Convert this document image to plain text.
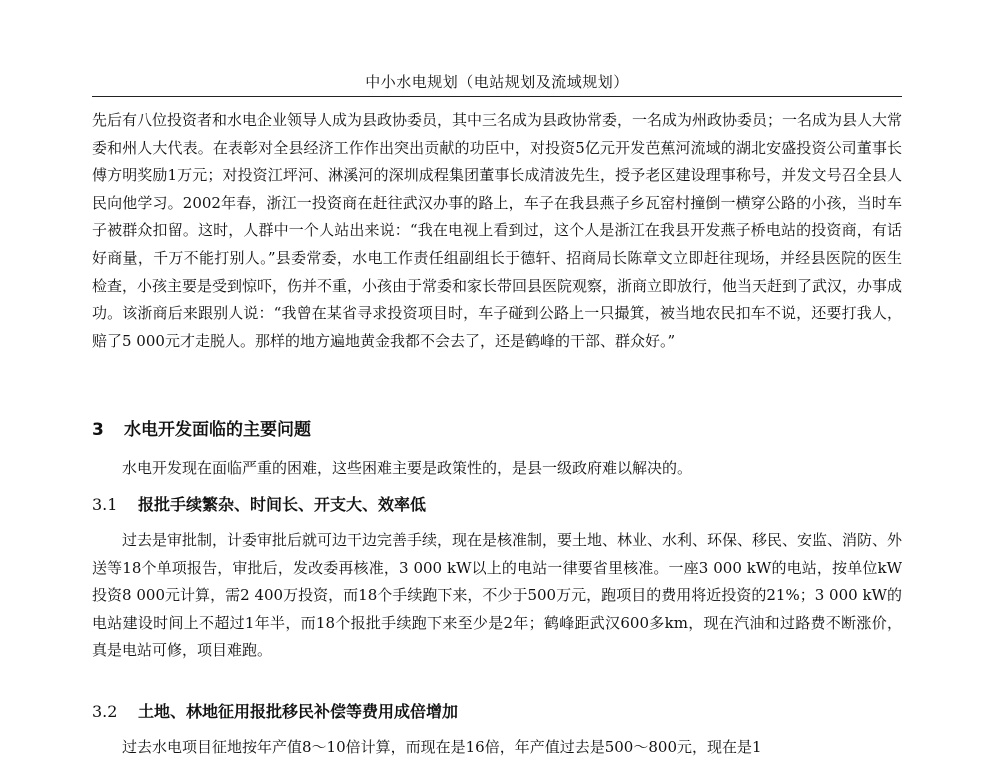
中小水电规划（电站规划及流域规划）

先后有八位投资者和水电企业领导人成为县政协委员，其中三名成为县政协常委，一名成为州政协委员；一名成为县人大常委和州人大代表。在表彰对全县经济工作作出突出贡献的功臣中，对投资5亿元开发芭蕉河流域的湖北安盛投资公司董事长傅方明奖励1万元；对投资江坪河、淋溪河的深圳成程集团董事长成清波先生，授予老区建设理事称号，并发文号召全县人民向他学习。2002年春，浙江一投资商在赶往武汉办事的路上，车子在我县燕子乡瓦窑村撞倒一横穿公路的小孩，当时车子被群众扣留。这时，人群中一个人站出来说：“我在电视上看到过，这个人是浙江在我县开发燕子桥电站的投资商，有话好商量，千万不能打别人。”县委常委，水电工作责任组副组长于德轩、招商局长陈章文立即赶往现场，并经县医院的医生检查，小孩主要是受到惊吓，伤并不重，小孩由于常委和家长带回县医院观察，浙商立即放行，他当天赶到了武汉，办事成功。该浙商后来跟别人说：“我曾在某省寻求投资项目时，车子碰到公路上一只撮箕，被当地农民扣车不说，还要打我人，赔了5 000元才走脱人。那样的地方遍地黄金我都不会去了，还是鹤峰的干部、群众好。”

3 水电开发面临的主要问题

水电开发现在面临严重的困难，这些困难主要是政策性的，是县一级政府难以解决的。

3.1 报批手续繁杂、时间长、开支大、效率低

过去是审批制，计委审批后就可边干边完善手续，现在是核准制，要土地、林业、水利、环保、移民、安监、消防、外送等18个单项报告，审批后，发改委再核准，3 000 kW以上的电站一律要省里核准。一座3 000 kW的电站，按单位kW投资8 000元计算，需2 400万投资，而18个手续跑下来，不少于500万元，跑项目的费用将近投资的21%；3 000 kW的电站建设时间上不超过1年半，而18个报批手续跑下来至少是2年；鹤峰距武汉600多km，现在汽油和过路费不断涨价，真是电站可修，项目难跑。

3.2 土地、林地征用报批移民补偿等费用成倍增加

过去水电项目征地按年产值8～10倍计算，而现在是16倍，年产值过去是500～800元，现在是1
